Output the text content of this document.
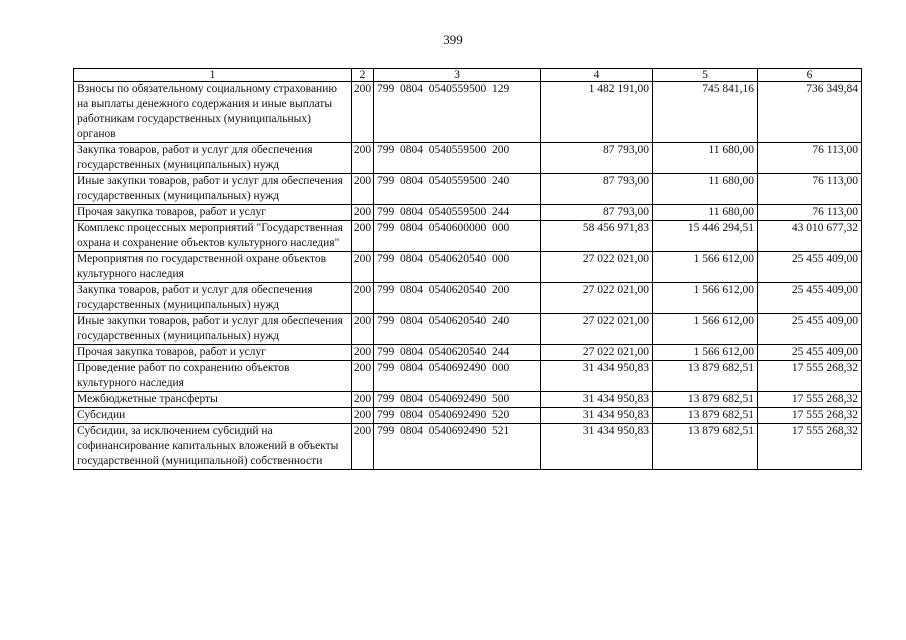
399
1	2	3	4	5	6
Взносы по обязательному социальному страхованию на выплаты денежного содержания и иные выплаты работникам государственных (муниципальных) органов	200	799  0804  0540559500  129	1 482 191,00	745 841,16	736 349,84
Закупка товаров, работ и услуг для обеспечения государственных (муниципальных) нужд	200	799  0804  0540559500  200	87 793,00	11 680,00	76 113,00
Иные закупки товаров, работ и услуг для обеспечения государственных (муниципальных) нужд	200	799  0804  0540559500  240	87 793,00	11 680,00	76 113,00
Прочая закупка товаров, работ и услуг	200	799  0804  0540559500  244	87 793,00	11 680,00	76 113,00
Комплекс процессных мероприятий "Государственная охрана и сохранение объектов культурного наследия"	200	799  0804  0540600000  000	58 456 971,83	15 446 294,51	43 010 677,32
Мероприятия по государственной охране объектов культурного наследия	200	799  0804  0540620540  000	27 022 021,00	1 566 612,00	25 455 409,00
Закупка товаров, работ и услуг для обеспечения государственных (муниципальных) нужд	200	799  0804  0540620540  200	27 022 021,00	1 566 612,00	25 455 409,00
Иные закупки товаров, работ и услуг для обеспечения государственных (муниципальных) нужд	200	799  0804  0540620540  240	27 022 021,00	1 566 612,00	25 455 409,00
Прочая закупка товаров, работ и услуг	200	799  0804  0540620540  244	27 022 021,00	1 566 612,00	25 455 409,00
Проведение работ по сохранению объектов культурного наследия	200	799  0804  0540692490  000	31 434 950,83	13 879 682,51	17 555 268,32
Межбюджетные трансферты	200	799  0804  0540692490  500	31 434 950,83	13 879 682,51	17 555 268,32
Субсидии	200	799  0804  0540692490  520	31 434 950,83	13 879 682,51	17 555 268,32
Субсидии, за исключением субсидий на софинансирование капитальных вложений в объекты государственной (муниципальной) собственности	200	799  0804  0540692490  521	31 434 950,83	13 879 682,51	17 555 268,32
